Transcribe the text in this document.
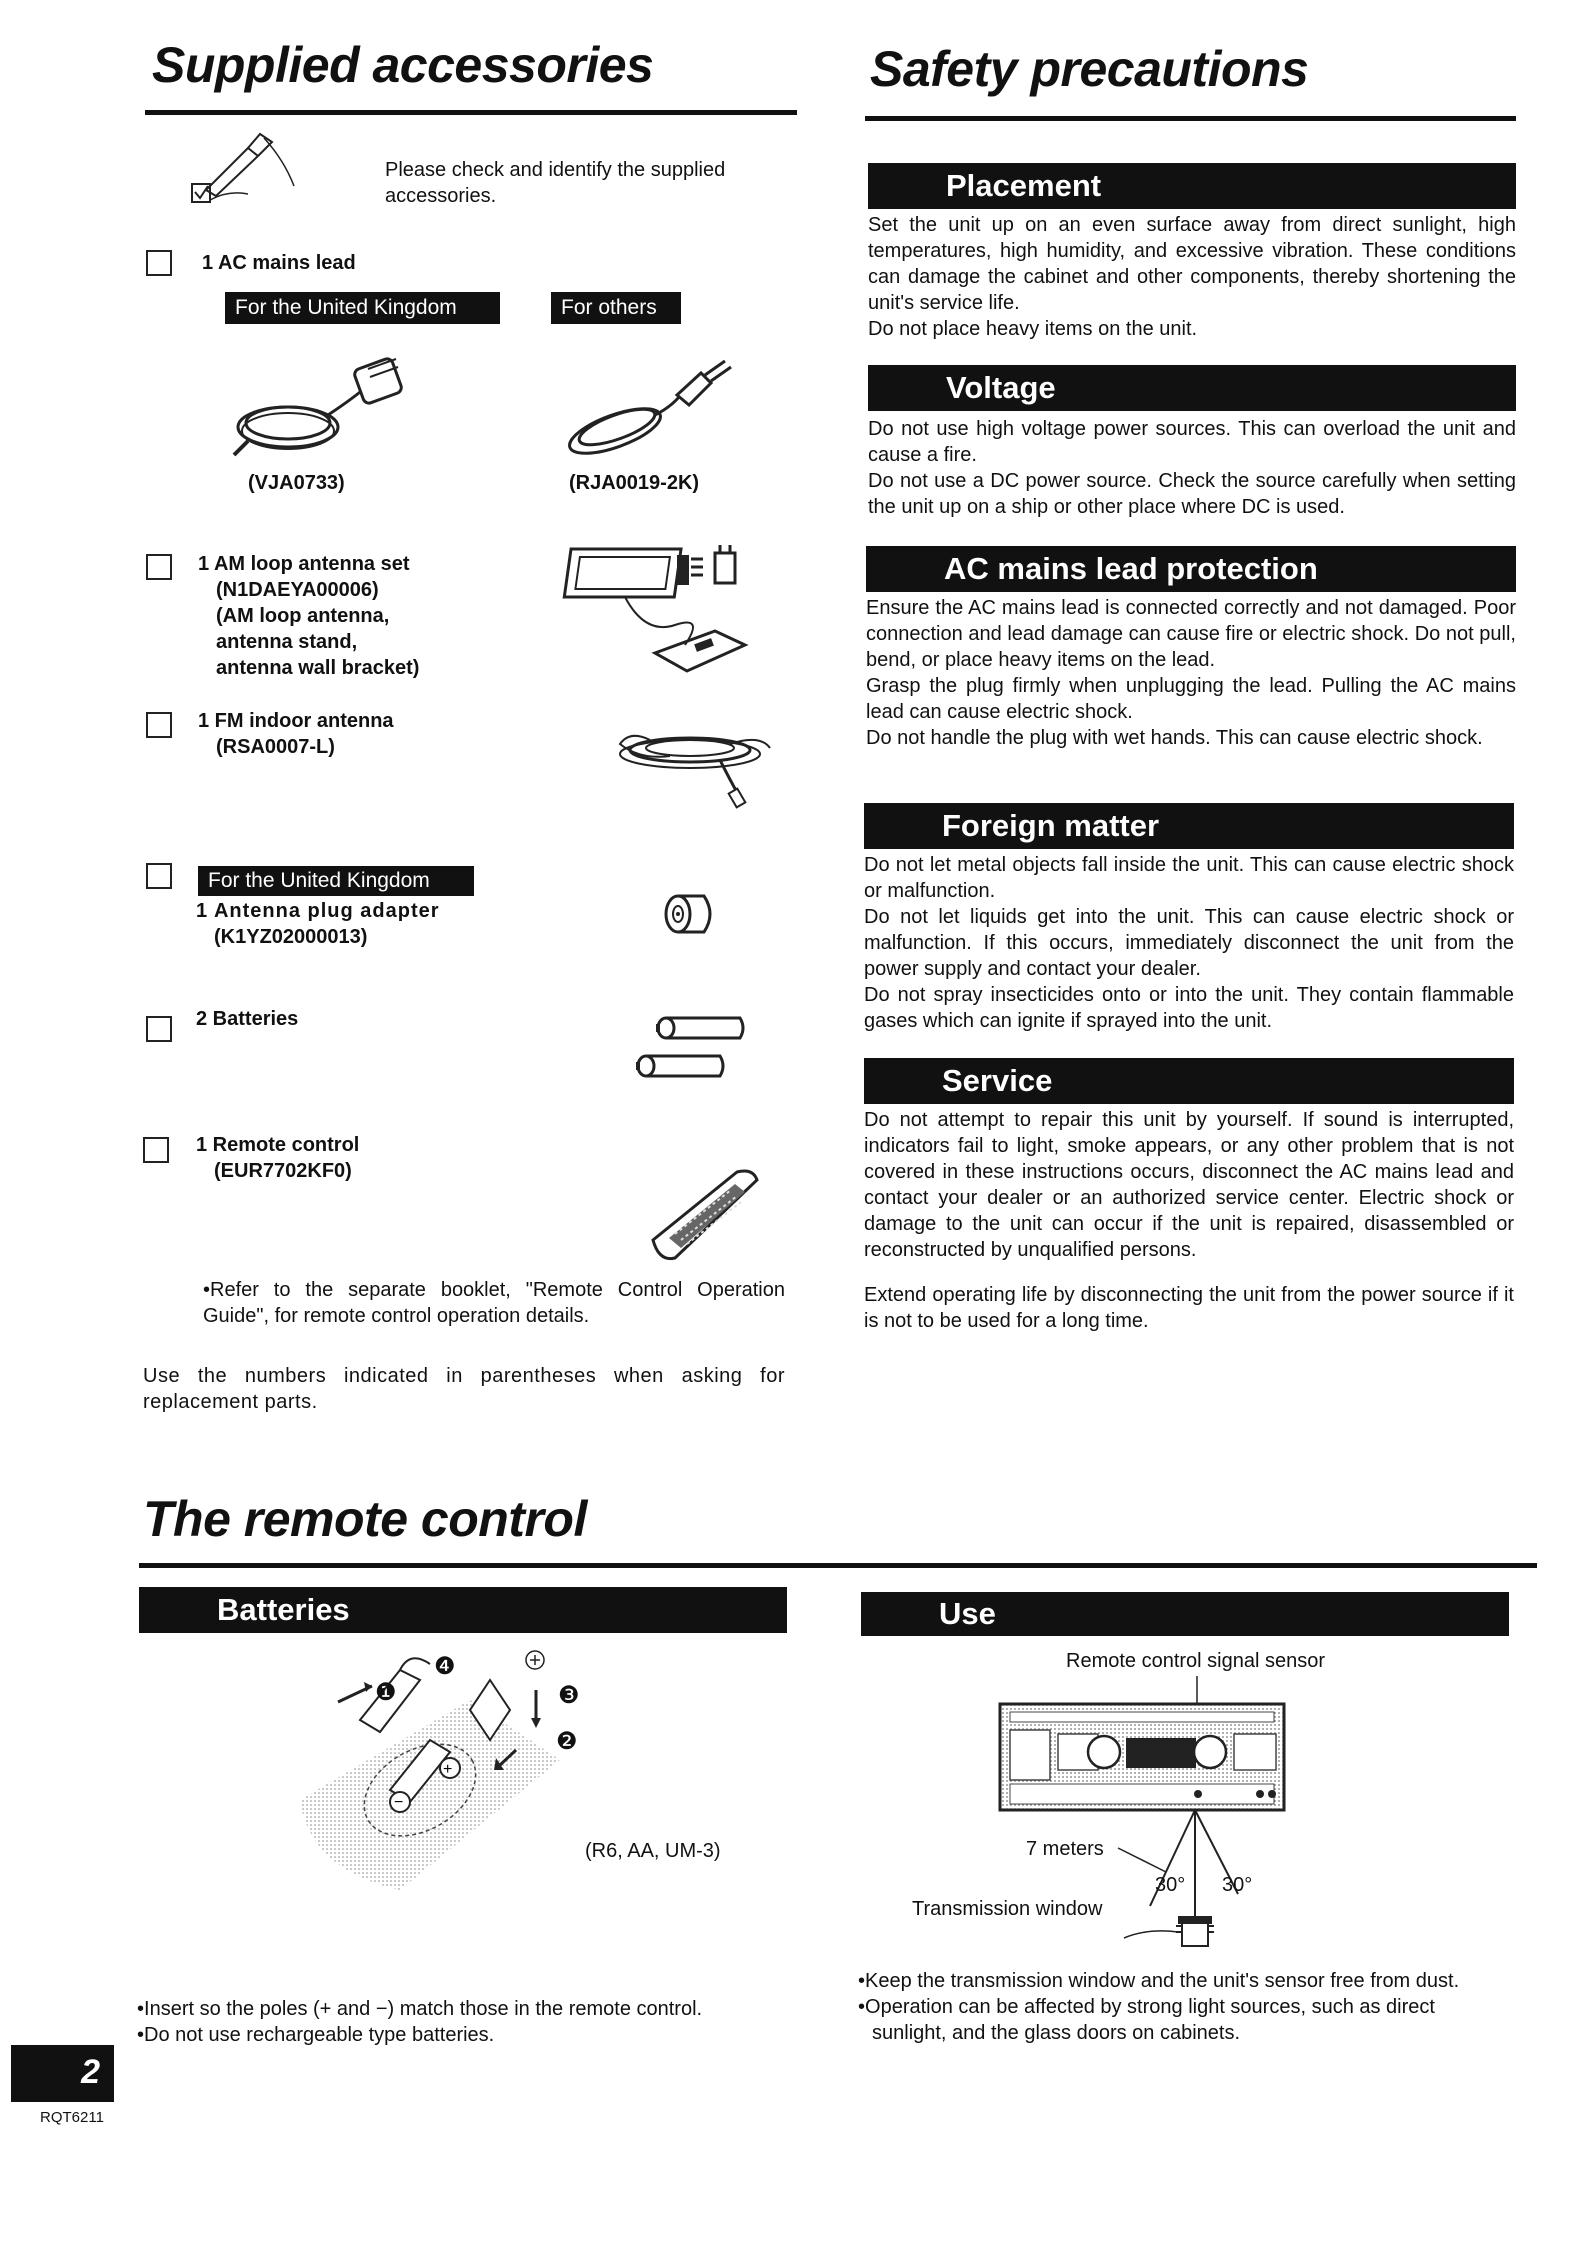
Supplied accessories
Please check and identify the supplied accessories.
1 AC mains lead
For the United Kingdom	For others
(VJA0733)	(RJA0019-2K)
1 AM loop antenna set
(N1DAEYA00006)
(AM loop antenna,
antenna stand,
antenna wall bracket)
1 FM indoor antenna
(RSA0007-L)
For the United Kingdom
1 Antenna plug adapter
(K1YZ02000013)
2 Batteries
1 Remote control
(EUR7702KF0)
•Refer to the separate booklet, "Remote Control Operation Guide", for remote control operation details.
Use the numbers indicated in parentheses when asking for replacement parts.
Safety precautions
Placement

Set the unit up on an even surface away from direct sunlight, high temperatures, high humidity, and excessive vibration. These conditions can damage the cabinet and other components, thereby shortening the unit's service life.

Do not place heavy items on the unit.

Voltage

Do not use high voltage power sources. This can overload the unit and cause a fire.

Do not use a DC power source. Check the source carefully when setting the unit up on a ship or other place where DC is used.

AC mains lead protection

Ensure the AC mains lead is connected correctly and not damaged. Poor connection and lead damage can cause fire or electric shock. Do not pull, bend, or place heavy items on the lead.

Grasp the plug firmly when unplugging the lead. Pulling the AC mains lead can cause electric shock.

Do not handle the plug with wet hands. This can cause electric shock.

Foreign matter

Do not let metal objects fall inside the unit. This can cause electric shock or malfunction.

Do not let liquids get into the unit. This can cause electric shock or malfunction. If this occurs, immediately disconnect the unit from the power supply and contact your dealer.

Do not spray insecticides onto or into the unit. They contain flammable gases which can ignite if sprayed into the unit.

Service

Do not attempt to repair this unit by yourself. If sound is interrupted, indicators fail to light, smoke appears, or any other problem that is not covered in these instructions occurs, disconnect the AC mains lead and contact your dealer or an authorized service center. Electric shock or damage to the unit can occur if the unit is repaired, disassembled or reconstructed by unqualified persons.

Extend operating life by disconnecting the unit from the power source if it is not to be used for a long time.
The remote control
Batteries
−
+
❶
❷
❸
❹
(R6, AA, UM-3)
•Insert so the poles (+ and −) match those in the remote control.
•Do not use rechargeable type batteries.
Use
Remote control signal sensor
7 meters
30° 30°
Transmission window
•Keep the transmission window and the unit's sensor free from dust.
•Operation can be affected by strong light sources, such as direct sunlight, and the glass doors on cabinets.
2
RQT6211
